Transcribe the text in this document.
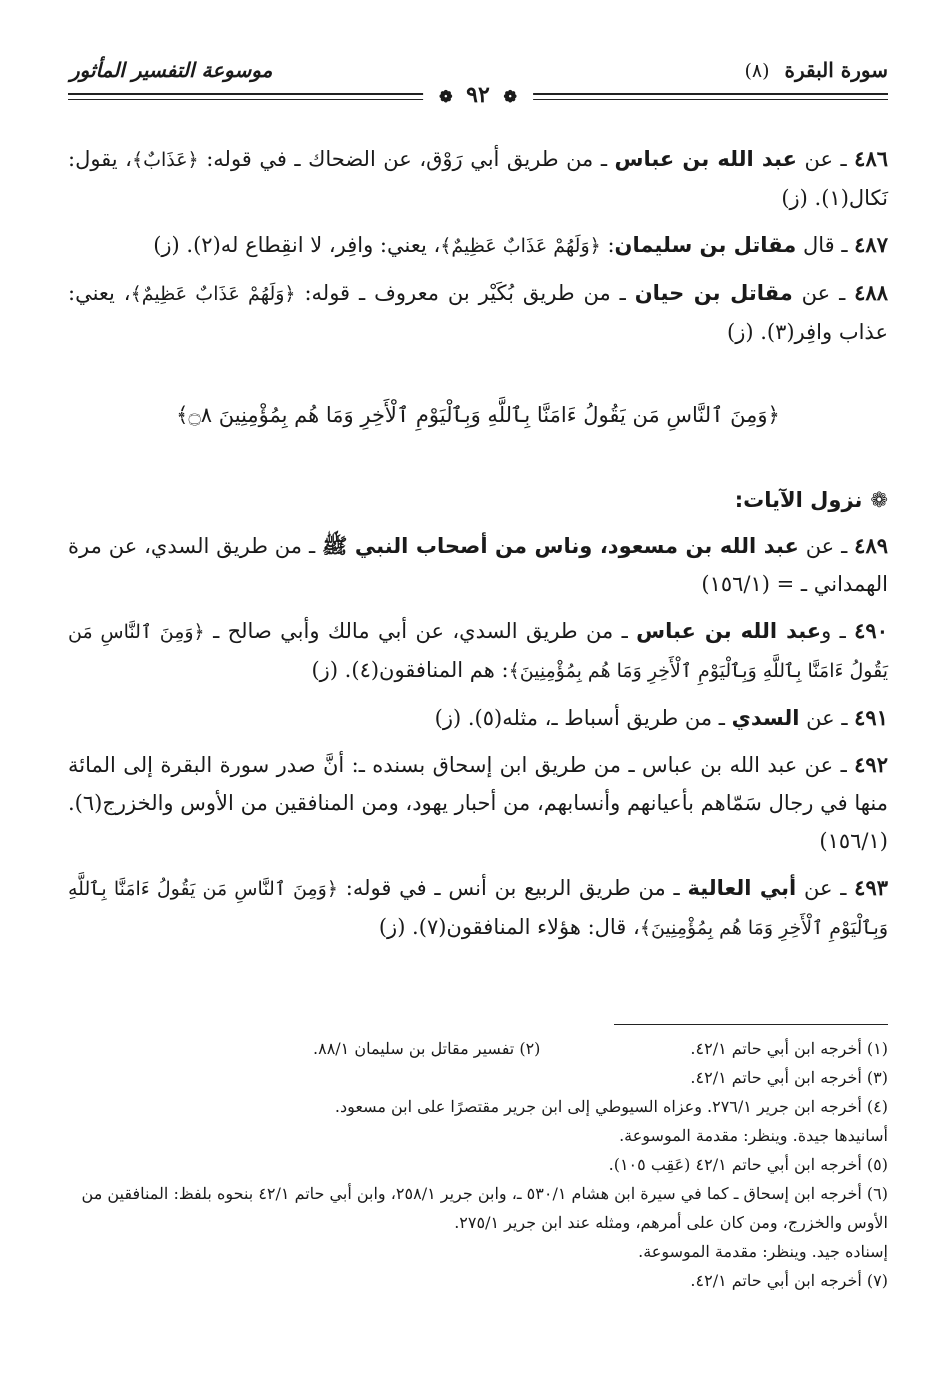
سورة البقرة (٨)
موسوعة التفسير المأثور
❁ ٩٢ ❁

٤٨٦ ـ عن عبد الله بن عباس ـ من طريق أبي رَوْق، عن الضحاك ـ في قوله: ﴿عَذَابٌ﴾، يقول: نَكال(١). (ز)

٤٨٧ ـ قال مقاتل بن سليمان: ﴿وَلَهُمْ عَذَابٌ عَظِيمٌ﴾، يعني: وافِر، لا انقِطاع له(٢). (ز)

٤٨٨ ـ عن مقاتل بن حيان ـ من طريق بُكَيْر بن معروف ـ قوله: ﴿وَلَهُمْ عَذَابٌ عَظِيمٌ﴾، يعني: عذاب وافِر(٣). (ز)

﴿وَمِنَ ٱلنَّاسِ مَن يَقُولُ ءَامَنَّا بِٱللَّهِ وَبِٱلْيَوْمِ ٱلْأَخِرِ وَمَا هُم بِمُؤْمِنِينَ ۝٨﴾

❁نزول الآيات:

٤٨٩ ـ عن عبد الله بن مسعود، وناس من أصحاب النبي ﷺ ـ من طريق السدي، عن مرة الهمداني ـ = (١٥٦/١)

٤٩٠ ـ وعبد الله بن عباس ـ من طريق السدي، عن أبي مالك وأبي صالح ـ ﴿وَمِنَ ٱلنَّاسِ مَن يَقُولُ ءَامَنَّا بِٱللَّهِ وَبِٱلْيَوْمِ ٱلْأَخِرِ وَمَا هُم بِمُؤْمِنِينَ﴾: هم المنافقون(٤). (ز)

٤٩١ ـ عن السدي ـ من طريق أسباط ـ، مثله(٥). (ز)

٤٩٢ ـ عن عبد الله بن عباس ـ من طريق ابن إسحاق بسنده ـ: أنَّ صدر سورة البقرة إلى المائة منها في رجال سَمّاهم بأعيانهم وأنسابهم، من أحبار يهود، ومن المنافقين من الأوس والخزرج(٦). (١٥٦/١)

٤٩٣ ـ عن أبي العالية ـ من طريق الربيع بن أنس ـ في قوله: ﴿وَمِنَ ٱلنَّاسِ مَن يَقُولُ ءَامَنَّا بِٱللَّهِ وَبِٱلْيَوْمِ ٱلْأَخِرِ وَمَا هُم بِمُؤْمِنِينَ﴾، قال: هؤلاء المنافقون(٧). (ز)

(١) أخرجه ابن أبي حاتم ٤٢/١.

(٢) تفسير مقاتل بن سليمان ٨٨/١.

(٣) أخرجه ابن أبي حاتم ٤٢/١.

(٤) أخرجه ابن جرير ٢٧٦/١. وعزاه السيوطي إلى ابن جرير مقتصرًا على ابن مسعود.

أسانيدها جيدة. وينظر: مقدمة الموسوعة.

(٥) أخرجه ابن أبي حاتم ٤٢/١ (عَقِب ١٠٥).

(٦) أخرجه ابن إسحاق ـ كما في سيرة ابن هشام ٥٣٠/١ ـ، وابن جرير ٢٥٨/١، وابن أبي حاتم ٤٢/١ بنحوه بلفظ: المنافقين من الأوس والخزرج، ومن كان على أمرهم، ومثله عند ابن جرير ٢٧٥/١.

إسناده جيد. وينظر: مقدمة الموسوعة.

(٧) أخرجه ابن أبي حاتم ٤٢/١.
